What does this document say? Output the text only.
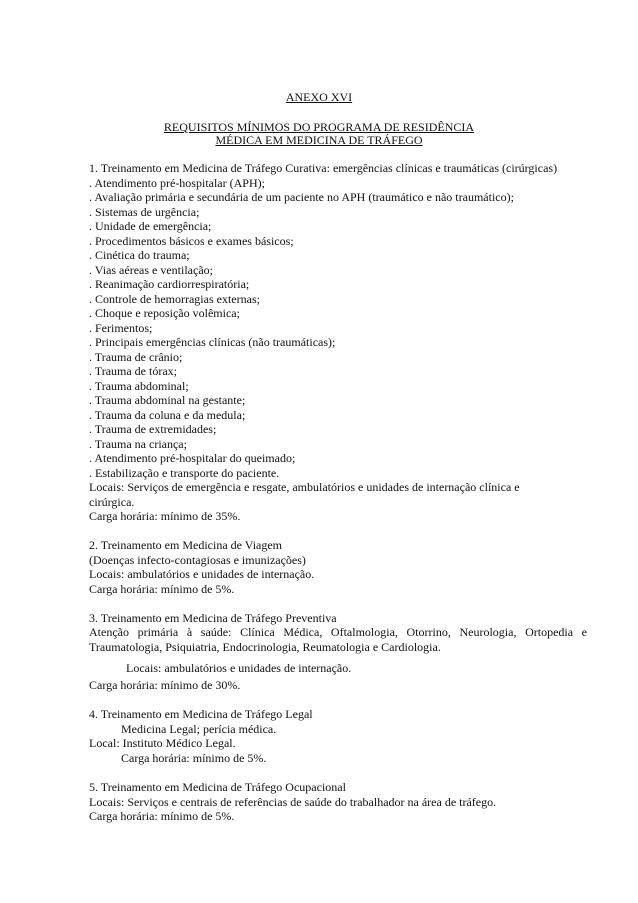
ANEXO XVI
REQUISITOS MÍNIMOS DO PROGRAMA DE RESIDÊNCIA
MÉDICA EM MEDICINA DE TRÁFEGO
1. Treinamento em Medicina de Tráfego Curativa: emergências clínicas e traumáticas (cirúrgicas)
. Atendimento pré-hospitalar (APH);
. Avaliação primária e secundária de um paciente no APH (traumático e não traumático);
. Sistemas de urgência;
. Unidade de emergência;
. Procedimentos básicos e exames básicos;
. Cinética do trauma;
. Vias aéreas e ventilação;
. Reanimação cardiorrespiratória;
. Controle de hemorragias externas;
. Choque e reposição volêmica;
. Ferimentos;
. Principais emergências clínicas (não traumáticas);
. Trauma de crânio;
. Trauma de tórax;
. Trauma abdominal;
. Trauma abdominal na gestante;
. Trauma da coluna e da medula;
. Trauma de extremidades;
. Trauma na criança;
. Atendimento pré-hospitalar do queimado;
. Estabilização e transporte do paciente.
Locais: Serviços de emergência e resgate, ambulatórios e unidades de internação clínica e
cirúrgica.
Carga horária: mínimo de 35%.
2. Treinamento em Medicina de Viagem
(Doenças infecto-contagiosas e imunizações)
Locais: ambulatórios e unidades de internação.
Carga horária: mínimo de 5%.
3. Treinamento em Medicina de Tráfego Preventiva
Atenção primária à saúde: Clínica Médica, Oftalmologia, Otorrino, Neurologia, Ortopedia e
Traumatologia, Psiquiatria, Endocrinologia, Reumatologia e Cardiologia.
Locais: ambulatórios e unidades de internação.
Carga horária: mínimo de 30%.
4. Treinamento em Medicina de Tráfego Legal
Medicina Legal; perícia médica.
Local: Instituto Médico Legal.
Carga horária: mínimo de 5%.
5. Treinamento em Medicina de Tráfego Ocupacional
Locais: Serviços e centrais de referências de saúde do trabalhador na área de tráfego.
Carga horária: mínimo de 5%.
